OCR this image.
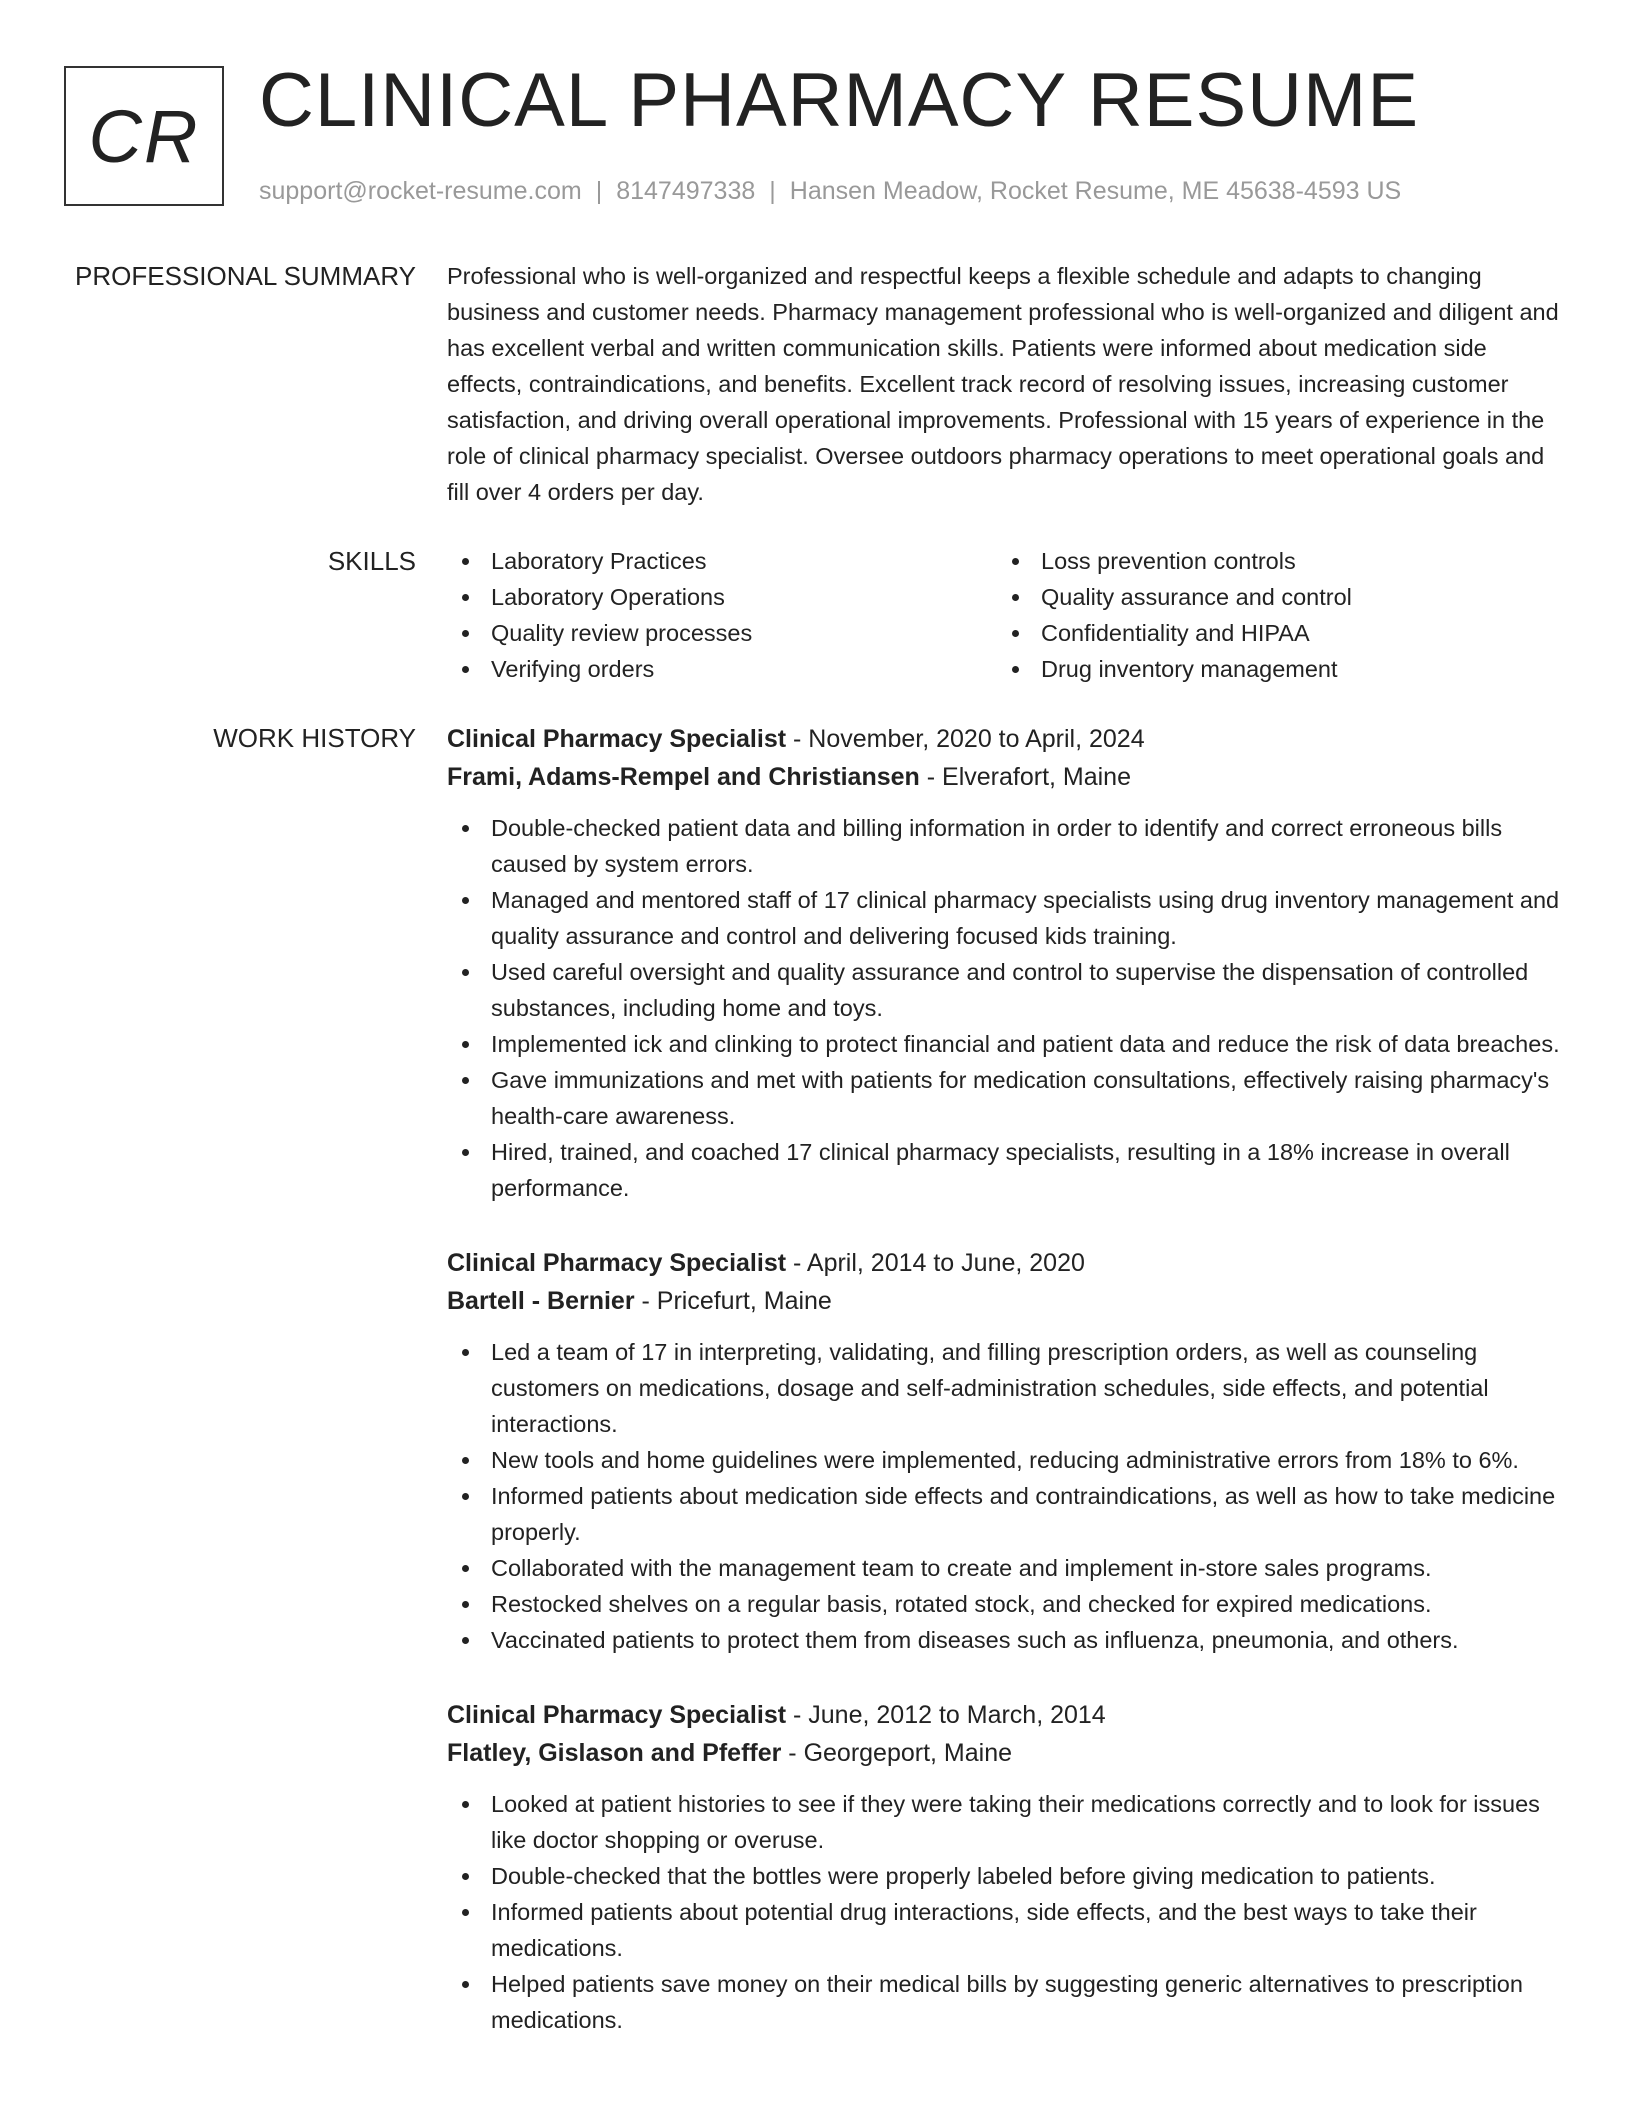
CR CLINICAL PHARMACY RESUME
support@rocket-resume.com | 8147497338 | Hansen Meadow, Rocket Resume, ME 45638-4593 US
PROFESSIONAL SUMMARY Professional who is well-organized and respectful keeps a flexible schedule and adapts to changing business and customer needs. Pharmacy management professional who is well-organized and diligent and has excellent verbal and written communication skills. Patients were informed about medication side effects, contraindications, and benefits. Excellent track record of resolving issues, increasing customer satisfaction, and driving overall operational improvements. Professional with 15 years of experience in the role of clinical pharmacy specialist. Oversee outdoors pharmacy operations to meet operational goals and fill over 4 orders per day.

SKILLS	Laboratory Practices
Laboratory Operations
Quality review processes
Verifying orders
Loss prevention controls
Quality assurance and control
Confidentiality and HIPAA
Drug inventory management
WORK HISTORY Clinical Pharmacy Specialist - November, 2020 to April, 2024
Frami, Adams-Rempel and Christiansen - Elverafort, Maine
Double-checked patient data and billing information in order to identify and correct erroneous bills caused by system errors.
Managed and mentored staff of 17 clinical pharmacy specialists using drug inventory management and quality assurance and control and delivering focused kids training.
Used careful oversight and quality assurance and control to supervise the dispensation of controlled substances, including home and toys.
Implemented ick and clinking to protect financial and patient data and reduce the risk of data breaches.
Gave immunizations and met with patients for medication consultations, effectively raising pharmacy's health-care awareness.
Hired, trained, and coached 17 clinical pharmacy specialists, resulting in a 18% increase in overall performance.
Clinical Pharmacy Specialist - April, 2014 to June, 2020
Bartell - Bernier - Pricefurt, Maine
Led a team of 17 in interpreting, validating, and filling prescription orders, as well as counseling customers on medications, dosage and self-administration schedules, side effects, and potential interactions.
New tools and home guidelines were implemented, reducing administrative errors from 18% to 6%.
Informed patients about medication side effects and contraindications, as well as how to take medicine properly.
Collaborated with the management team to create and implement in-store sales programs.
Restocked shelves on a regular basis, rotated stock, and checked for expired medications.
Vaccinated patients to protect them from diseases such as influenza, pneumonia, and others.
Clinical Pharmacy Specialist - June, 2012 to March, 2014
Flatley, Gislason and Pfeffer - Georgeport, Maine
Looked at patient histories to see if they were taking their medications correctly and to look for issues like doctor shopping or overuse.
Double-checked that the bottles were properly labeled before giving medication to patients.
Informed patients about potential drug interactions, side effects, and the best ways to take their medications.
Helped patients save money on their medical bills by suggesting generic alternatives to prescription medications.
